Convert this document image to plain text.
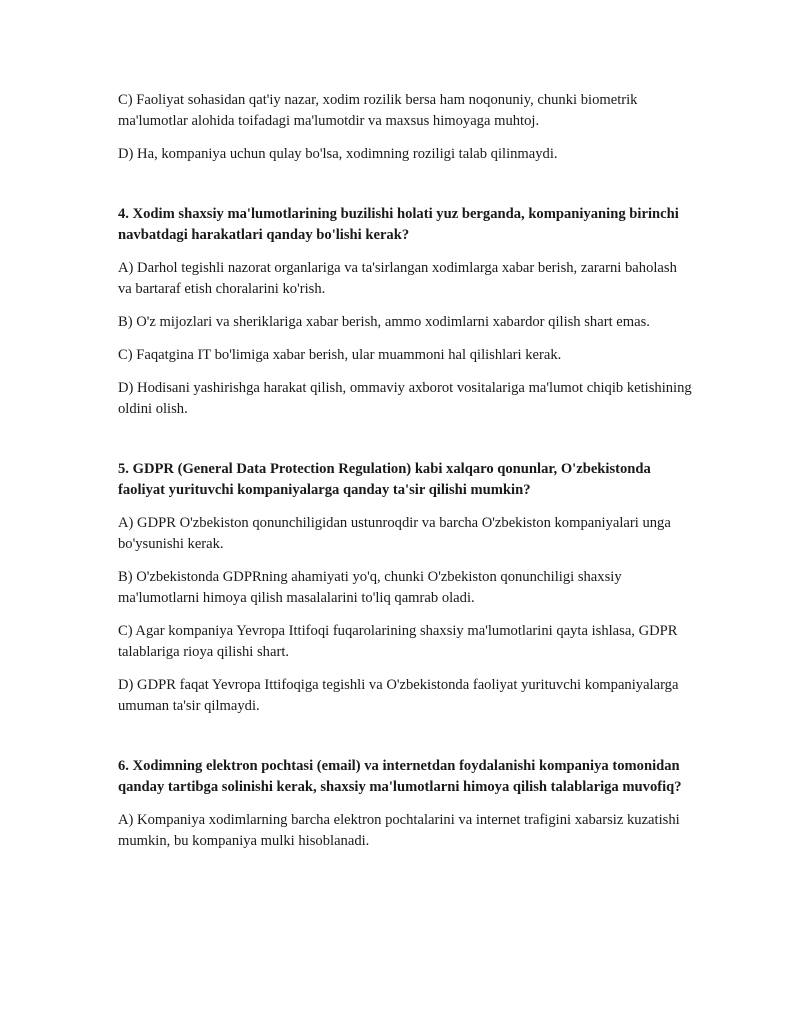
C) Faoliyat sohasidan qat'iy nazar, xodim rozilik bersa ham noqonuniy, chunki biometrik ma'lumotlar alohida toifadagi ma'lumotdir va maxsus himoyaga muhtoj.

D) Ha, kompaniya uchun qulay bo'lsa, xodimning roziligi talab qilinmaydi.

4. Xodim shaxsiy ma'lumotlarining buzilishi holati yuz berganda, kompaniyaning birinchi navbatdagi harakatlari qanday bo'lishi kerak?

A) Darhol tegishli nazorat organlariga va ta'sirlangan xodimlarga xabar berish, zararni baholash va bartaraf etish choralarini ko'rish.

B) O'z mijozlari va sheriklariga xabar berish, ammo xodimlarni xabardor qilish shart emas.

C) Faqatgina IT bo'limiga xabar berish, ular muammoni hal qilishlari kerak.

D) Hodisani yashirishga harakat qilish, ommaviy axborot vositalariga ma'lumot chiqib ketishining oldini olish.

5. GDPR (General Data Protection Regulation) kabi xalqaro qonunlar, O'zbekistonda faoliyat yurituvchi kompaniyalarga qanday ta'sir qilishi mumkin?

A) GDPR O'zbekiston qonunchiligidan ustunroqdir va barcha O'zbekiston kompaniyalari unga bo'ysunishi kerak.

B) O'zbekistonda GDPRning ahamiyati yo'q, chunki O'zbekiston qonunchiligi shaxsiy ma'lumotlarni himoya qilish masalalarini to'liq qamrab oladi.

C) Agar kompaniya Yevropa Ittifoqi fuqarolarining shaxsiy ma'lumotlarini qayta ishlasa, GDPR talablariga rioya qilishi shart.

D) GDPR faqat Yevropa Ittifoqiga tegishli va O'zbekistonda faoliyat yurituvchi kompaniyalarga umuman ta'sir qilmaydi.

6. Xodimning elektron pochtasi (email) va internetdan foydalanishi kompaniya tomonidan qanday tartibga solinishi kerak, shaxsiy ma'lumotlarni himoya qilish talablariga muvofiq?

A) Kompaniya xodimlarning barcha elektron pochtalarini va internet trafigini xabarsiz kuzatishi mumkin, bu kompaniya mulki hisoblanadi.
